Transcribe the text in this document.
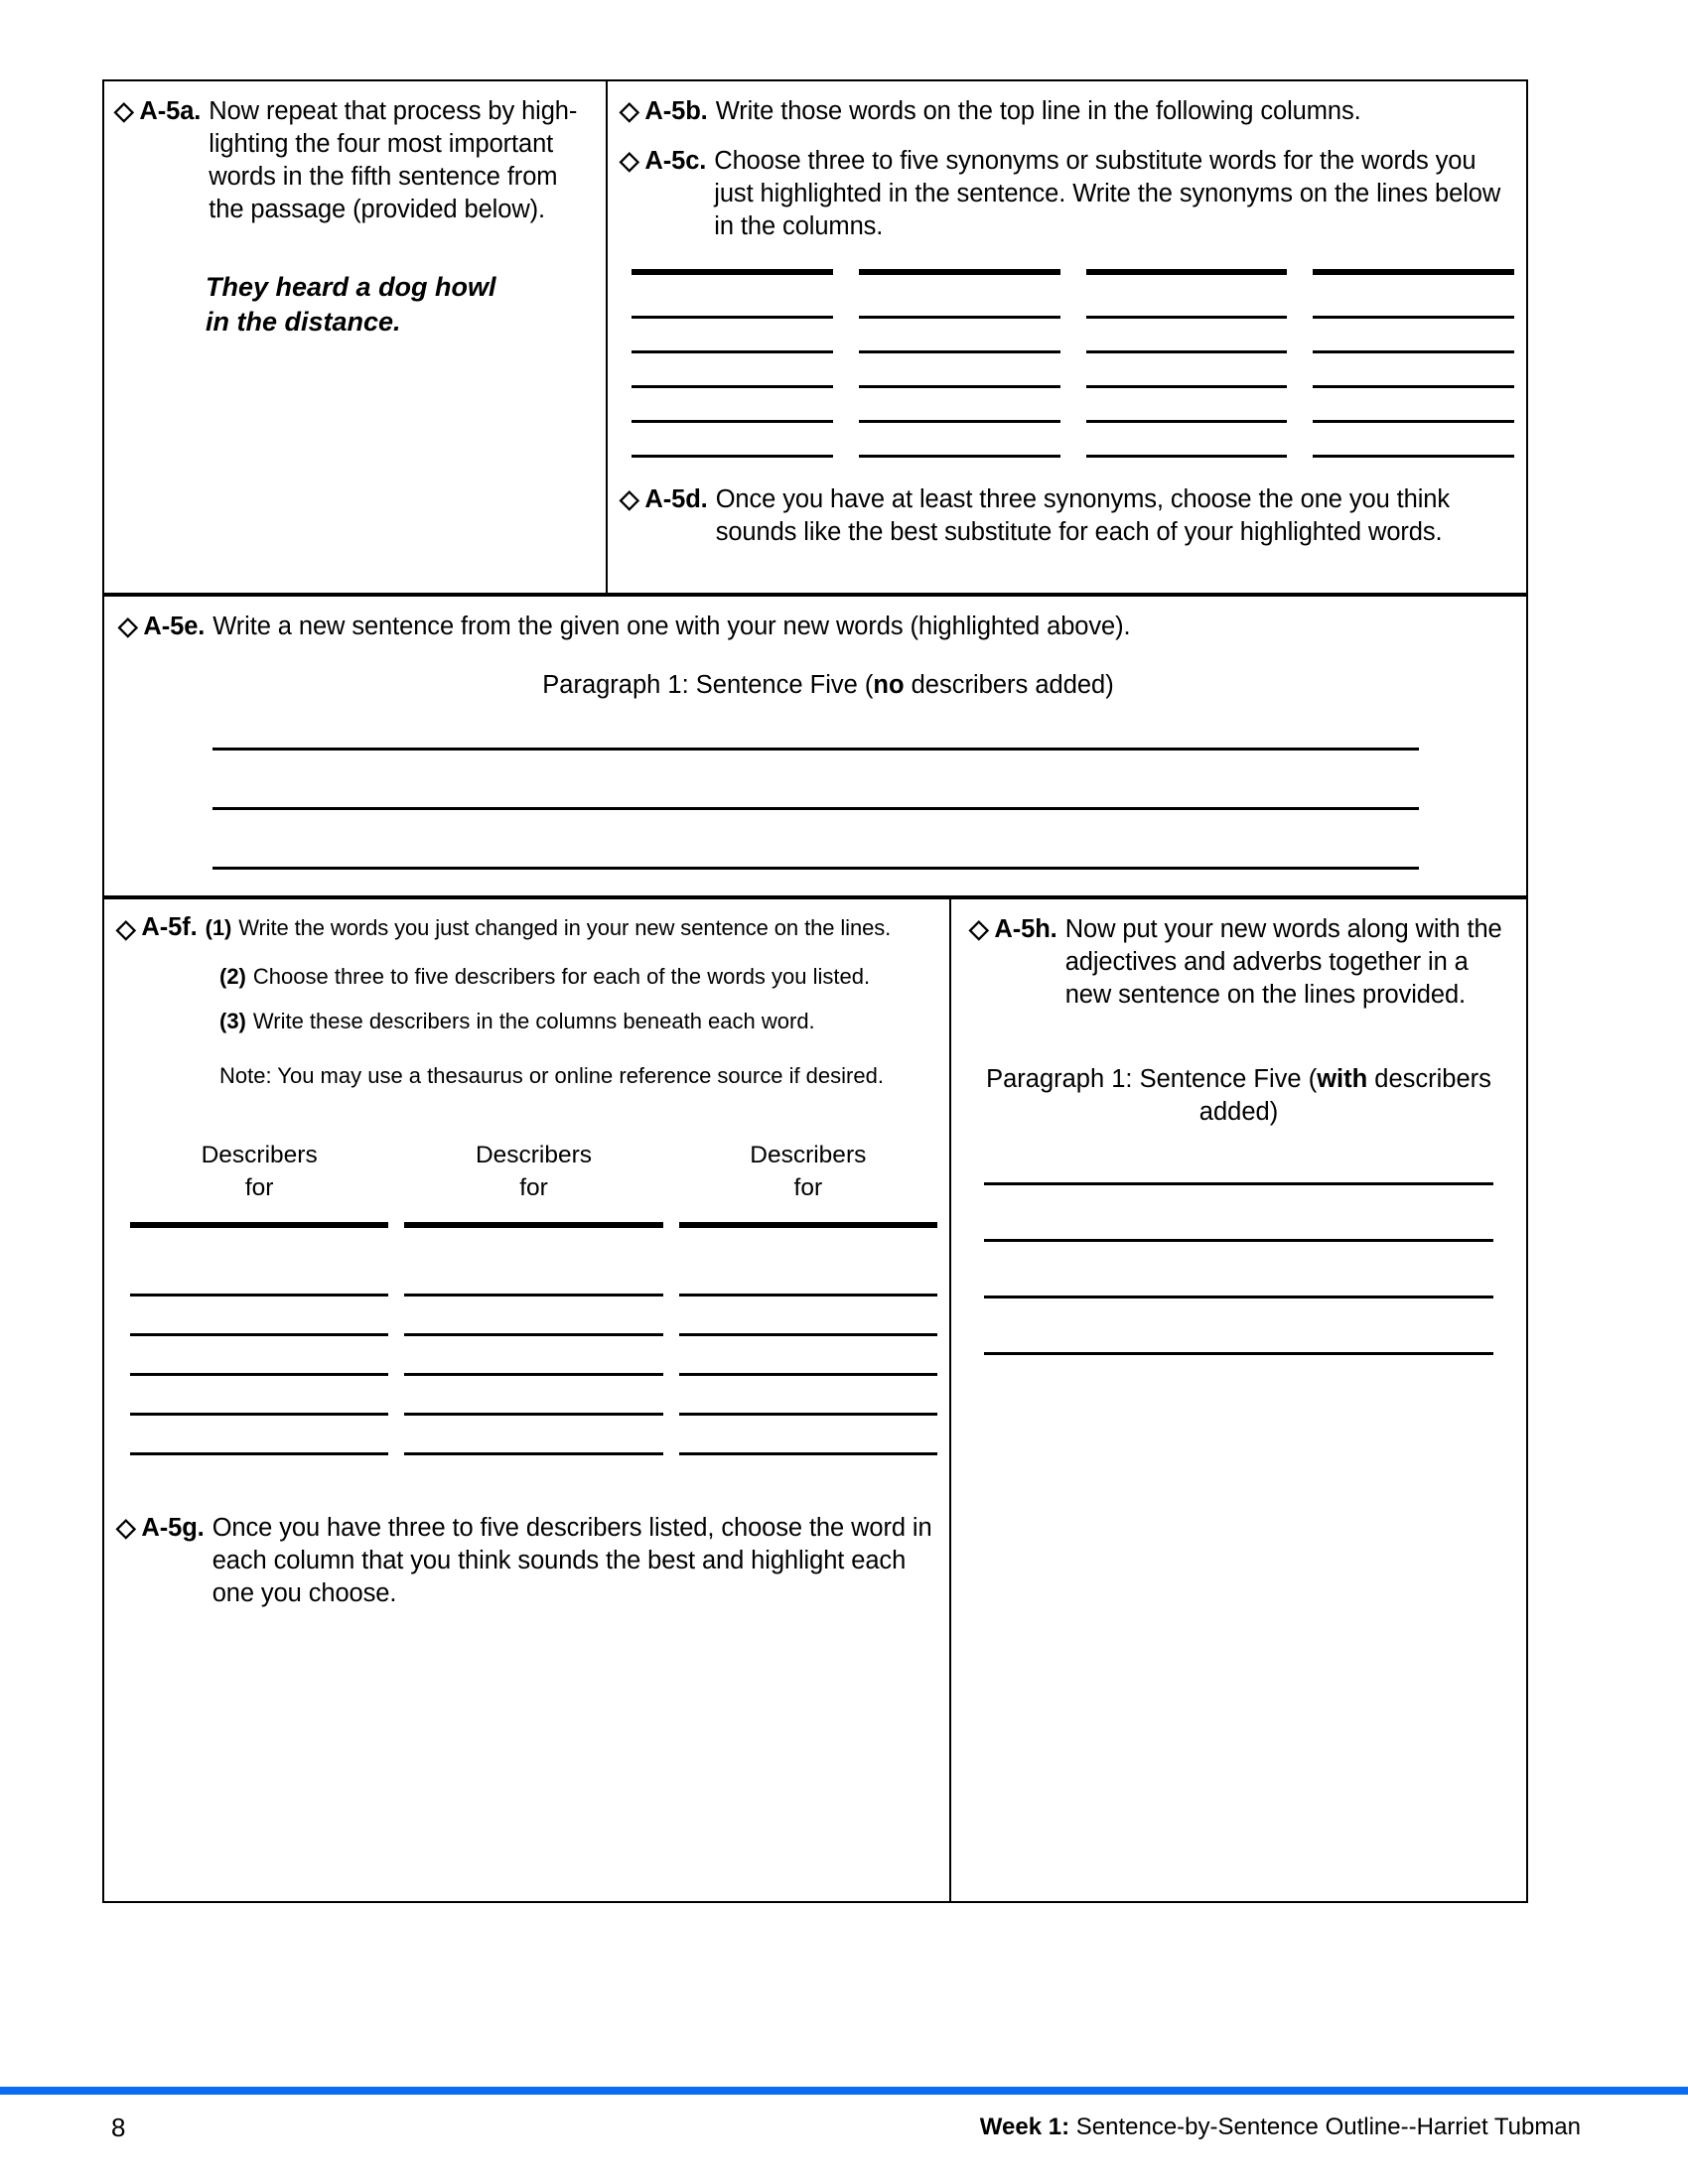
◇ A-5a. Now repeat that process by high-lighting the four most important words in the fifth sentence from the passage (provided below).
They heard a dog howl
in the distance.
◇ A-5b. Write those words on the top line in the following columns.
◇ A-5c. Choose three to five synonyms or substitute words for the words you just highlighted in the sentence. Write the synonyms on the lines below in the columns.
◇ A-5d. Once you have at least three synonyms, choose the one you think sounds like the best substitute for each of your highlighted words.
◇ A-5e. Write a new sentence from the given one with your new words (highlighted above).
Paragraph 1: Sentence Five (no describers added)
◇ A-5f. (1) Write the words you just changed in your new sentence on the lines.
(2) Choose three to five describers for each of the words you listed.
(3) Write these describers in the columns beneath each word.
Note: You may use a thesaurus or online reference source if desired.
Describers
for
Describers
for
Describers
for
◇ A-5g. Once you have three to five describers listed, choose the word in each column that you think sounds the best and highlight each one you choose.
◇ A-5h. Now put your new words along with the adjectives and adverbs together in a new sentence on the lines provided.
Paragraph 1: Sentence Five (with describers added)
8	Week 1: Sentence-by-Sentence Outline--Harriet Tubman
